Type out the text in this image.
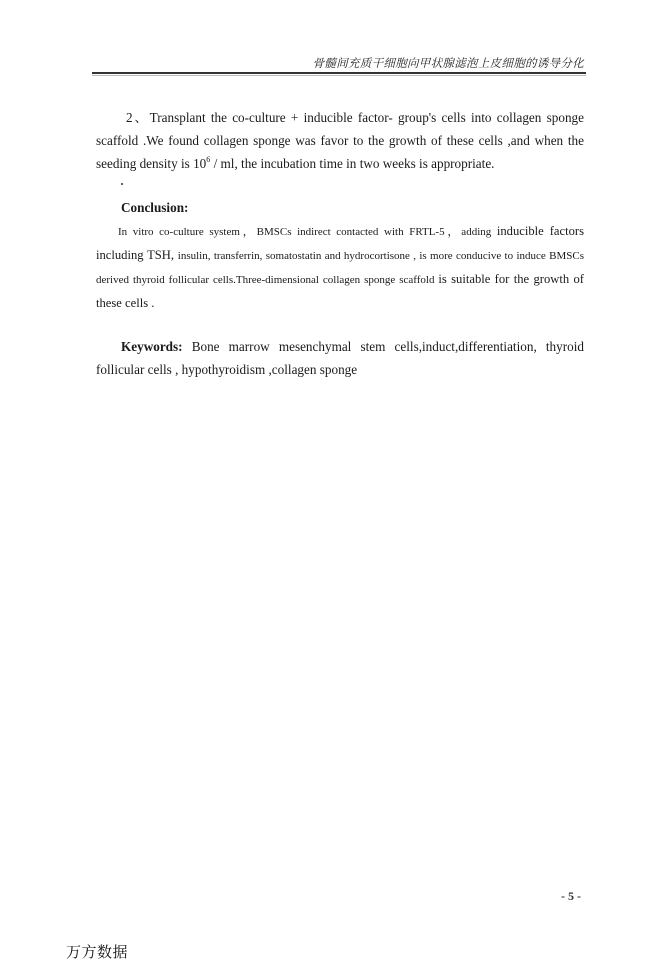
骨髓间充质干细胞向甲状腺滤泡上皮细胞的诱导分化

2、Transplant the co-culture + inducible factor- group's cells into collagen sponge scaffold .We found collagen sponge was favor to the growth of these cells ,and when the seeding density is $10^6$ / ml, the incubation time in two weeks is appropriate.

Conclusion:

In vitro co-culture system，BMSCs indirect contacted with FRTL-5，adding inducible factors including TSH, insulin, transferrin, somatostatin and hydrocortisone , is more conducive to induce BMSCs derived thyroid follicular cells.Three-dimensional collagen sponge scaffold is suitable for the growth of these cells .

Keywords: Bone marrow mesenchymal stem cells,induct,differentiation, thyroid follicular cells , hypothyroidism ,collagen sponge

- 5 -
万方数据
